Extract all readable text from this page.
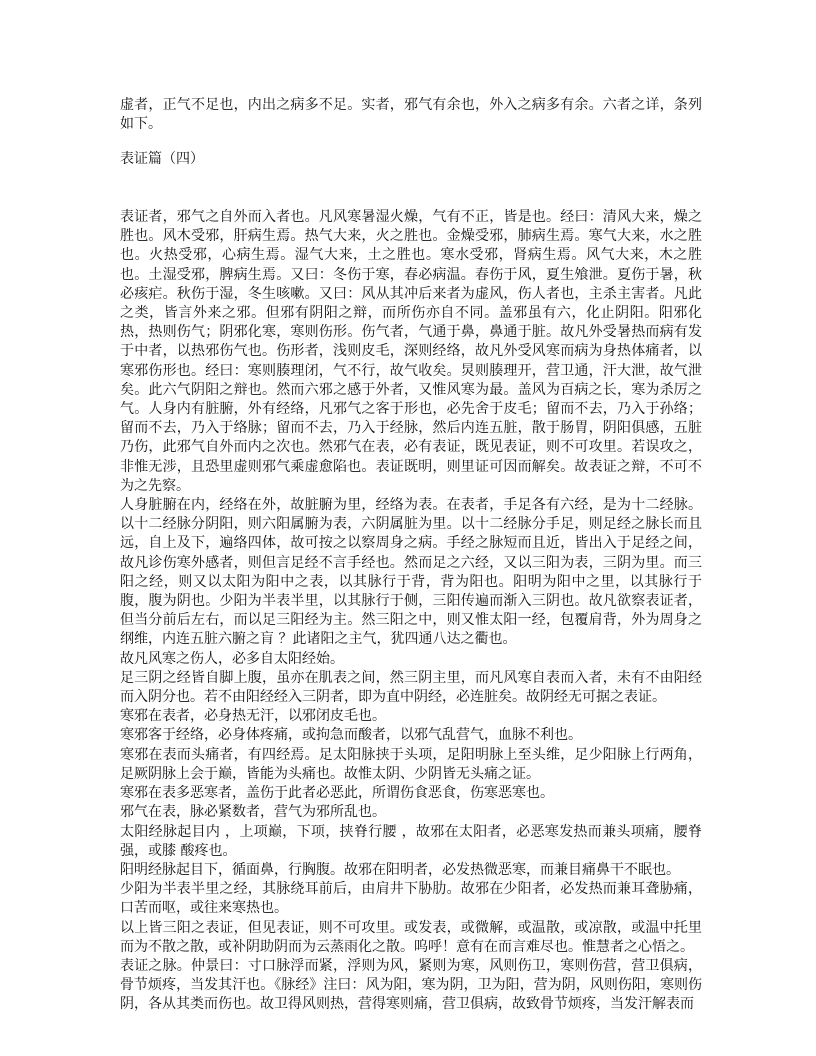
虚者，正气不足也，内出之病多不足。实者，邪气有余也，外入之病多有余。六者之详，条列如下。

表证篇（四）

表证者，邪气之自外而入者也。凡风寒暑湿火燥，气有不正，皆是也。经曰：清风大来，燥之胜也。风木受邪，肝病生焉。热气大来，火之胜也。金燥受邪，肺病生焉。寒气大来，水之胜也。火热受邪，心病生焉。湿气大来，土之胜也。寒水受邪，肾病生焉。风气大来，木之胜也。土湿受邪，脾病生焉。又曰：冬伤于寒，春必病温。春伤于风，夏生飧泄。夏伤于暑，秋必痎疟。秋伤于湿，冬生咳嗽。又曰：风从其冲后来者为虚风，伤人者也，主杀主害者。凡此之类，皆言外来之邪。但邪有阴阳之辩，而所伤亦自不同。盖邪虽有六，化止阴阳。阳邪化热，热则伤气；阴邪化寒，寒则伤形。伤气者，气通于鼻，鼻通于脏。故凡外受暑热而病有发于中者，以热邪伤气也。伤形者，浅则皮毛，深则经络，故凡外受风寒而病为身热体痛者，以寒邪伤形也。经曰：寒则腠理闭，气不行，故气收矣。炅则腠理开，营卫通，汗大泄，故气泄矣。此六气阴阳之辩也。然而六邪之感于外者，又惟风寒为最。盖风为百病之长，寒为杀厉之气。人身内有脏腑，外有经络，凡邪气之客于形也，必先舍于皮毛；留而不去，乃入于孙络；留而不去，乃入于络脉；留而不去，乃入于经脉，然后内连五脏，散于肠胃，阴阳俱感，五脏乃伤，此邪气自外而内之次也。然邪气在表，必有表证，既见表证，则不可攻里。若误攻之，非惟无涉，且恐里虚则邪气乘虚愈陷也。表证既明，则里证可因而解矣。故表证之辩，不可不为之先察。
人身脏腑在内，经络在外，故脏腑为里，经络为表。在表者，手足各有六经，是为十二经脉。以十二经脉分阴阳，则六阳属腑为表，六阴属脏为里。以十二经脉分手足，则足经之脉长而且远，自上及下，遍络四体，故可按之以察周身之病。手经之脉短而且近，皆出入于足经之间，故凡诊伤寒外感者，则但言足经不言手经也。然而足之六经，又以三阳为表，三阴为里。而三阳之经，则又以太阳为阳中之表，以其脉行于背，背为阳也。阳明为阳中之里，以其脉行于腹，腹为阴也。少阳为半表半里，以其脉行于侧，三阳传遍而渐入三阴也。故凡欲察表证者，但当分前后左右，而以足三阳经为主。然三阳之中，则又惟太阳一经，包覆肩背，外为周身之纲维，内连五脏六腑之肓 ？此诸阳之主气，犹四通八达之衢也。
故凡风寒之伤人，必多自太阳经始。
足三阴之经皆自脚上腹，虽亦在肌表之间，然三阴主里，而凡风寒自表而入者，未有不由阳经而入阴分也。若不由阳经经入三阴者，即为直中阴经，必连脏矣。故阴经无可据之表证。
寒邪在表者，必身热无汗，以邪闭皮毛也。
寒邪客于经络，必身体疼痛，或拘急而酸者，以邪气乱营气，血脉不利也。
寒邪在表而头痛者，有四经焉。足太阳脉挟于头项，足阳明脉上至头维，足少阳脉上行两角，足厥阴脉上会于巅，皆能为头痛也。故惟太阴、少阴皆无头痛之证。
寒邪在表多恶寒者，盖伤于此者必恶此，所谓伤食恶食，伤寒恶寒也。
邪气在表，脉必紧数者，营气为邪所乱也。
太阳经脉起目内 ，上项巅，下项，挟脊行腰 ，故邪在太阳者，必恶寒发热而兼头项痛，腰脊强，或膝 酸疼也。
阳明经脉起目下，循面鼻，行胸腹。故邪在阳明者，必发热微恶寒，而兼目痛鼻干不眠也。
少阳为半表半里之经，其脉绕耳前后，由肩井下胁肋。故邪在少阳者，必发热而兼耳聋胁痛，口苦而呕，或往来寒热也。
以上皆三阳之表证，但见表证，则不可攻里。或发表，或微解，或温散，或凉散，或温中托里而为不散之散，或补阴助阴而为云蒸雨化之散。呜呼！意有在而言难尽也。惟慧者之心悟之。
表证之脉。仲景曰：寸口脉浮而紧，浮则为风，紧则为寒，风则伤卫，寒则伤营，营卫俱病，骨节烦疼，当发其汗也。《脉经》注曰：风为阳，寒为阴，卫为阳，营为阴，风则伤阳，寒则伤阴，各从其类而伤也。故卫得风则热，营得寒则痛，营卫俱病，故致骨节烦疼，当发汗解表而
